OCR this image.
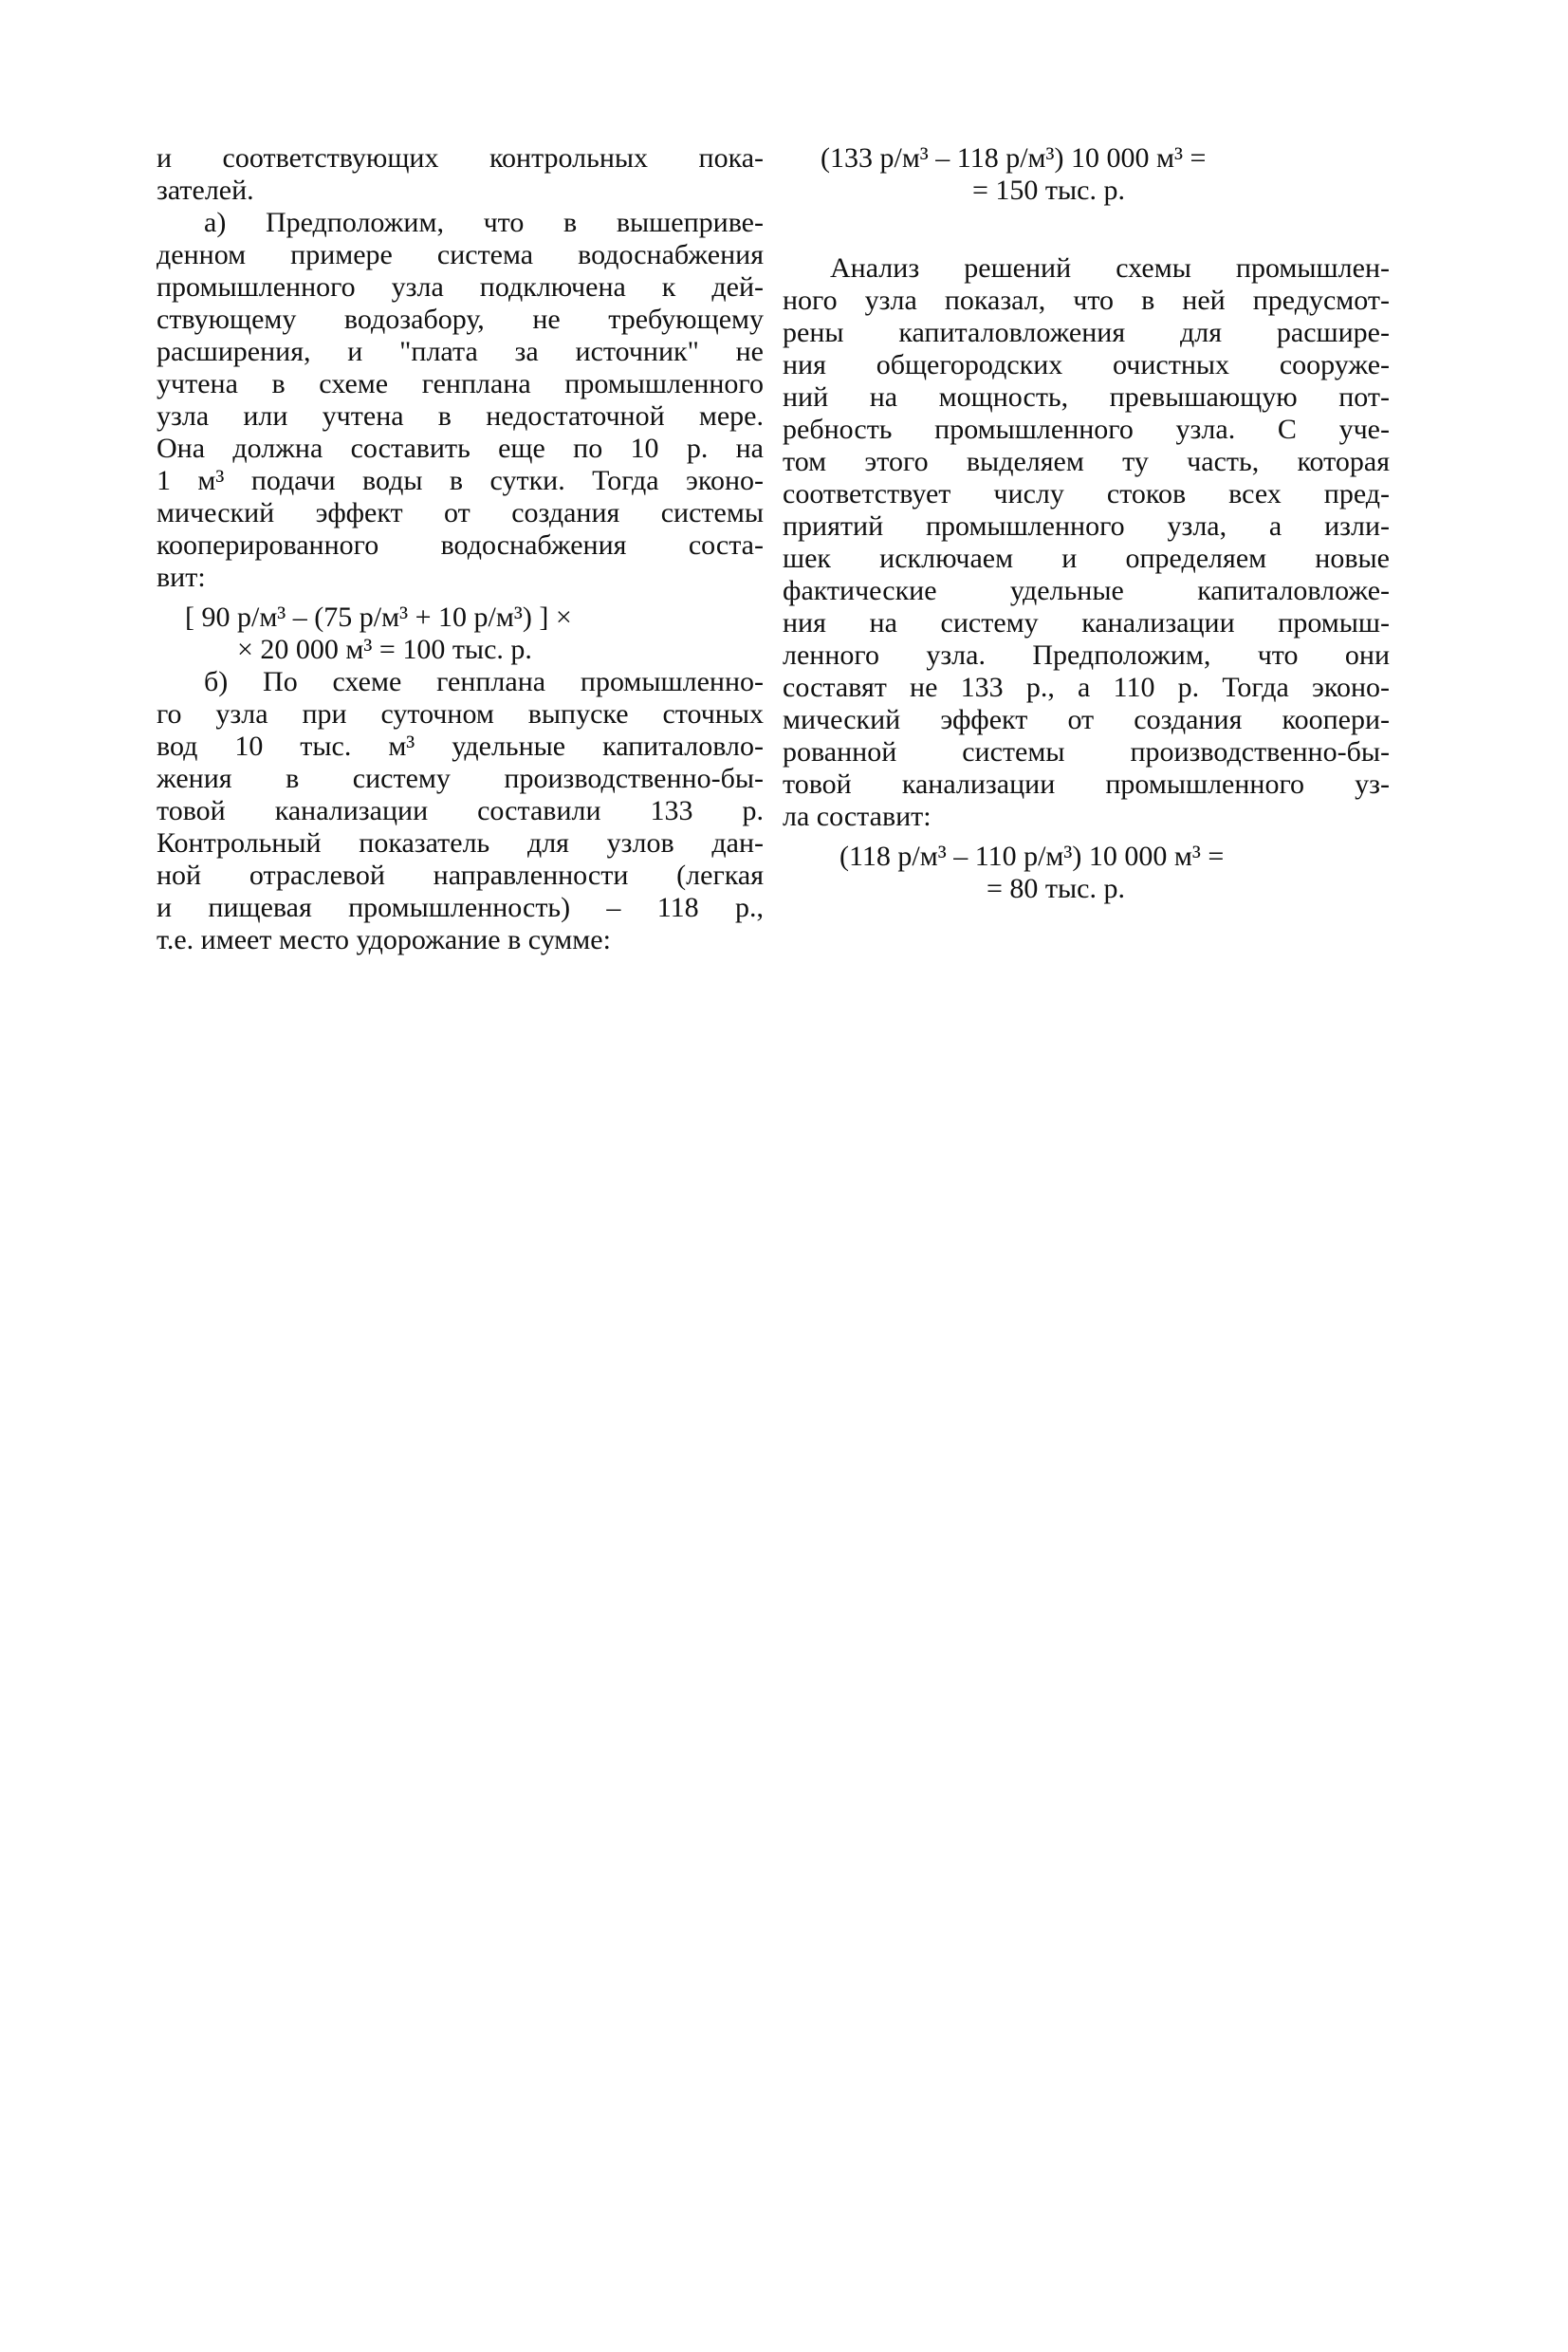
и соответствующих контрольных пока-
зателей.
а) Предположим, что в вышеприве-
денном примере система водоснабжения
промышленного узла подключена к дей-
ствующему водозабору, не требующему
расширения, и "плата за источник" не
учтена в схеме генплана промышленного
узла или учтена в недостаточной мере.
Она должна составить еще по 10 р. на
1 м³ подачи воды в сутки. Тогда эконо-
мический эффект от создания системы
кооперированного водоснабжения соста-
вит:
[ 90 р/м³ – (75 р/м³ + 10 р/м³) ] ×
× 20 000 м³ = 100 тыс. р.
б) По схеме генплана промышленно-
го узла при суточном выпуске сточных
вод 10 тыс. м³ удельные капиталовло-
жения в систему производственно-бы-
товой канализации составили 133 р.
Контрольный показатель для узлов дан-
ной отраслевой направленности (легкая
и пищевая промышленность) – 118 р.,
т.е. имеет место удорожание в сумме:
(133 р/м³ – 118 р/м³) 10 000 м³ =
= 150 тыс. р.
Анализ решений схемы промышлен-
ного узла показал, что в ней предусмот-
рены капиталовложения для расшире-
ния общегородских очистных сооруже-
ний на мощность, превышающую пот-
ребность промышленного узла. С уче-
том этого выделяем ту часть, которая
соответствует числу стоков всех пред-
приятий промышленного узла, а изли-
шек исключаем и определяем новые
фактические удельные капиталовложе-
ния на систему канализации промыш-
ленного узла. Предположим, что они
составят не 133 р., а 110 р. Тогда эконо-
мический эффект от создания коопери-
рованной системы производственно-бы-
товой канализации промышленного уз-
ла составит:
(118 р/м³ – 110 р/м³) 10 000 м³ =
= 80 тыс. р.
